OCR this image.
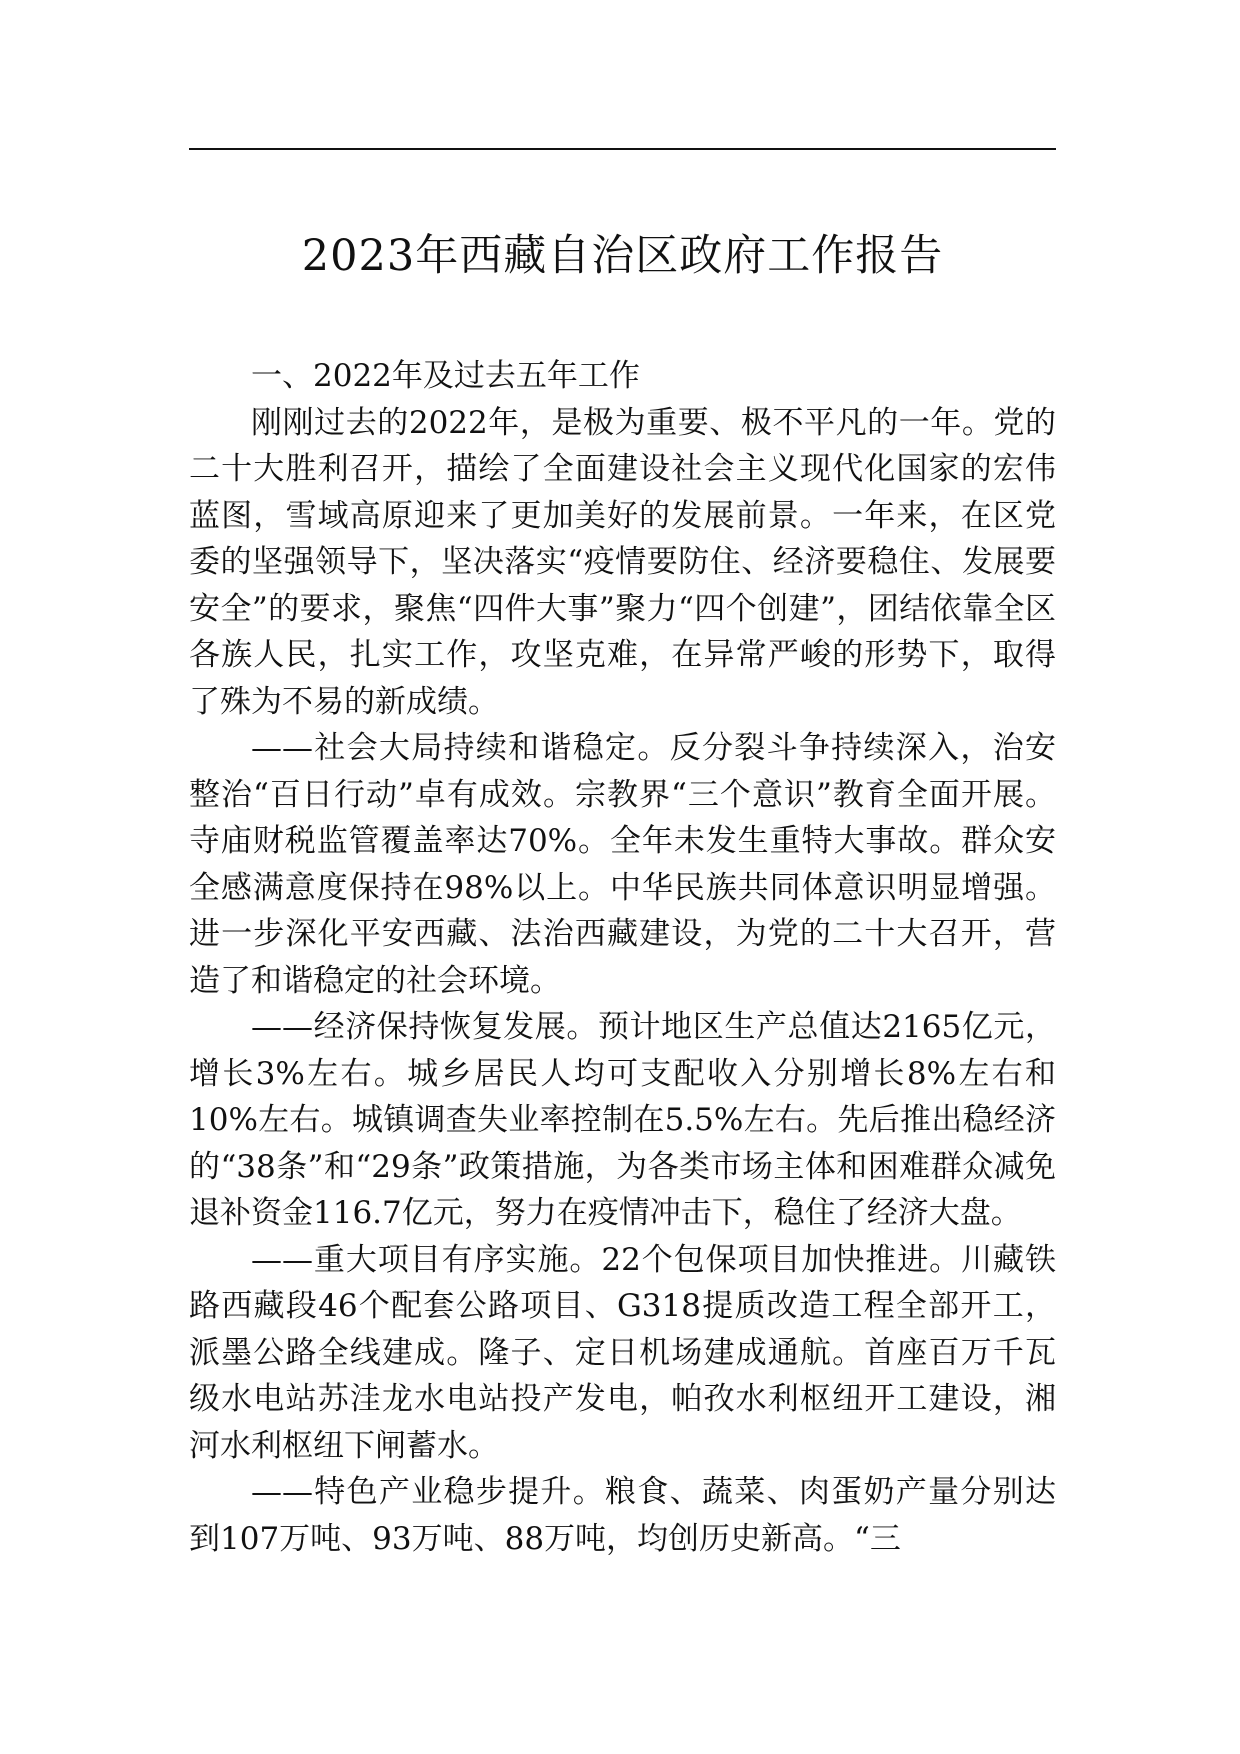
2023年西藏自治区政府工作报告

一、2022年及过去五年工作

刚刚过去的2022年，是极为重要、极不平凡的一年。党的二十大胜利召开，描绘了全面建设社会主义现代化国家的宏伟蓝图，雪域高原迎来了更加美好的发展前景。一年来，在区党委的坚强领导下，坚决落实“疫情要防住、经济要稳住、发展要安全”的要求，聚焦“四件大事”聚力“四个创建”，团结依靠全区各族人民，扎实工作，攻坚克难，在异常严峻的形势下，取得了殊为不易的新成绩。

——社会大局持续和谐稳定。反分裂斗争持续深入，治安整治“百日行动”卓有成效。宗教界“三个意识”教育全面开展。寺庙财税监管覆盖率达70%。全年未发生重特大事故。群众安全感满意度保持在98%以上。中华民族共同体意识明显增强。进一步深化平安西藏、法治西藏建设，为党的二十大召开，营造了和谐稳定的社会环境。

——经济保持恢复发展。预计地区生产总值达2165亿元，增长3%左右。城乡居民人均可支配收入分别增长8%左右和10%左右。城镇调查失业率控制在5.5%左右。先后推出稳经济的“38条”和“29条”政策措施，为各类市场主体和困难群众减免退补资金116.7亿元，努力在疫情冲击下，稳住了经济大盘。

——重大项目有序实施。22个包保项目加快推进。川藏铁路西藏段46个配套公路项目、G318提质改造工程全部开工，派墨公路全线建成。隆子、定日机场建成通航。首座百万千瓦级水电站苏洼龙水电站投产发电，帕孜水利枢纽开工建设，湘河水利枢纽下闸蓄水。

——特色产业稳步提升。粮食、蔬菜、肉蛋奶产量分别达到107万吨、93万吨、88万吨，均创历史新高。“三
